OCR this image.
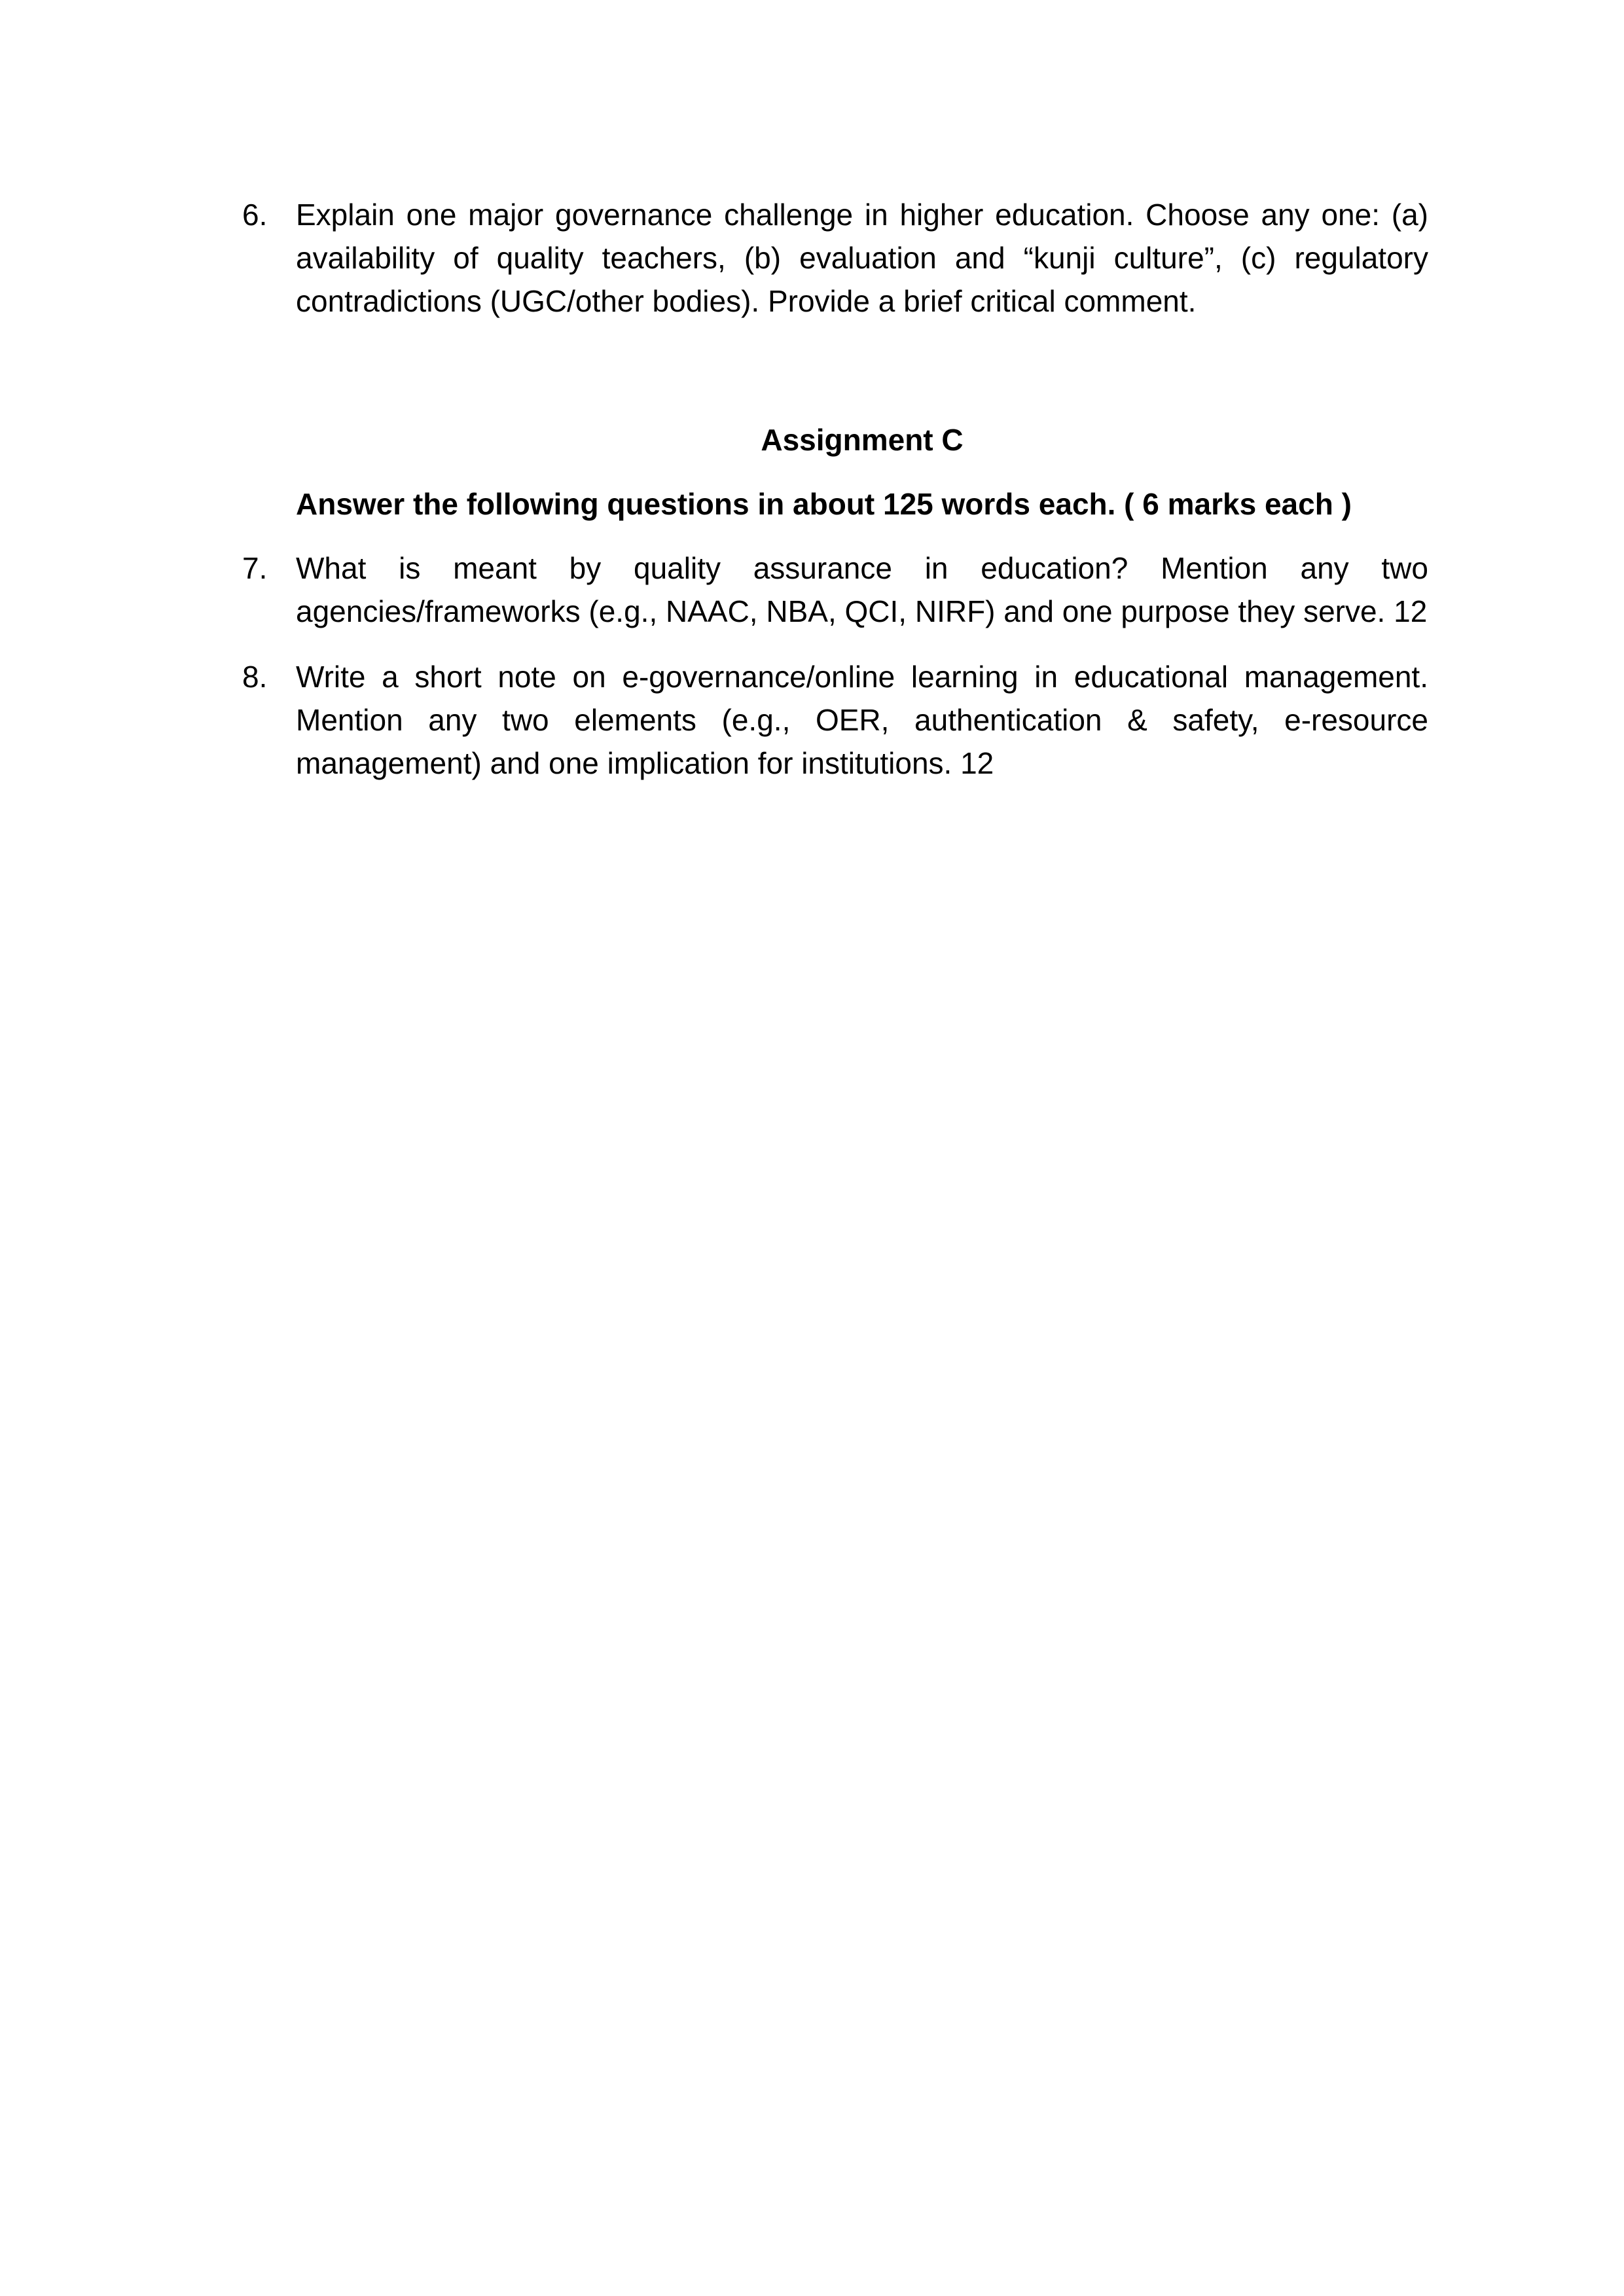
6. Explain one major governance challenge in higher education. Choose any one: (a) availability of quality teachers, (b) evaluation and “kunji culture”, (c) regulatory contradictions (UGC/other bodies). Provide a brief critical comment.
Assignment C
Answer the following questions in about 125 words each. ( 6 marks each )
7. What is meant by quality assurance in education? Mention any two agencies/frameworks (e.g., NAAC, NBA, QCI, NIRF) and one purpose they serve. 12
8. Write a short note on e-governance/online learning in educational management. Mention any two elements (e.g., OER, authentication & safety, e-resource management) and one implication for institutions. 12
